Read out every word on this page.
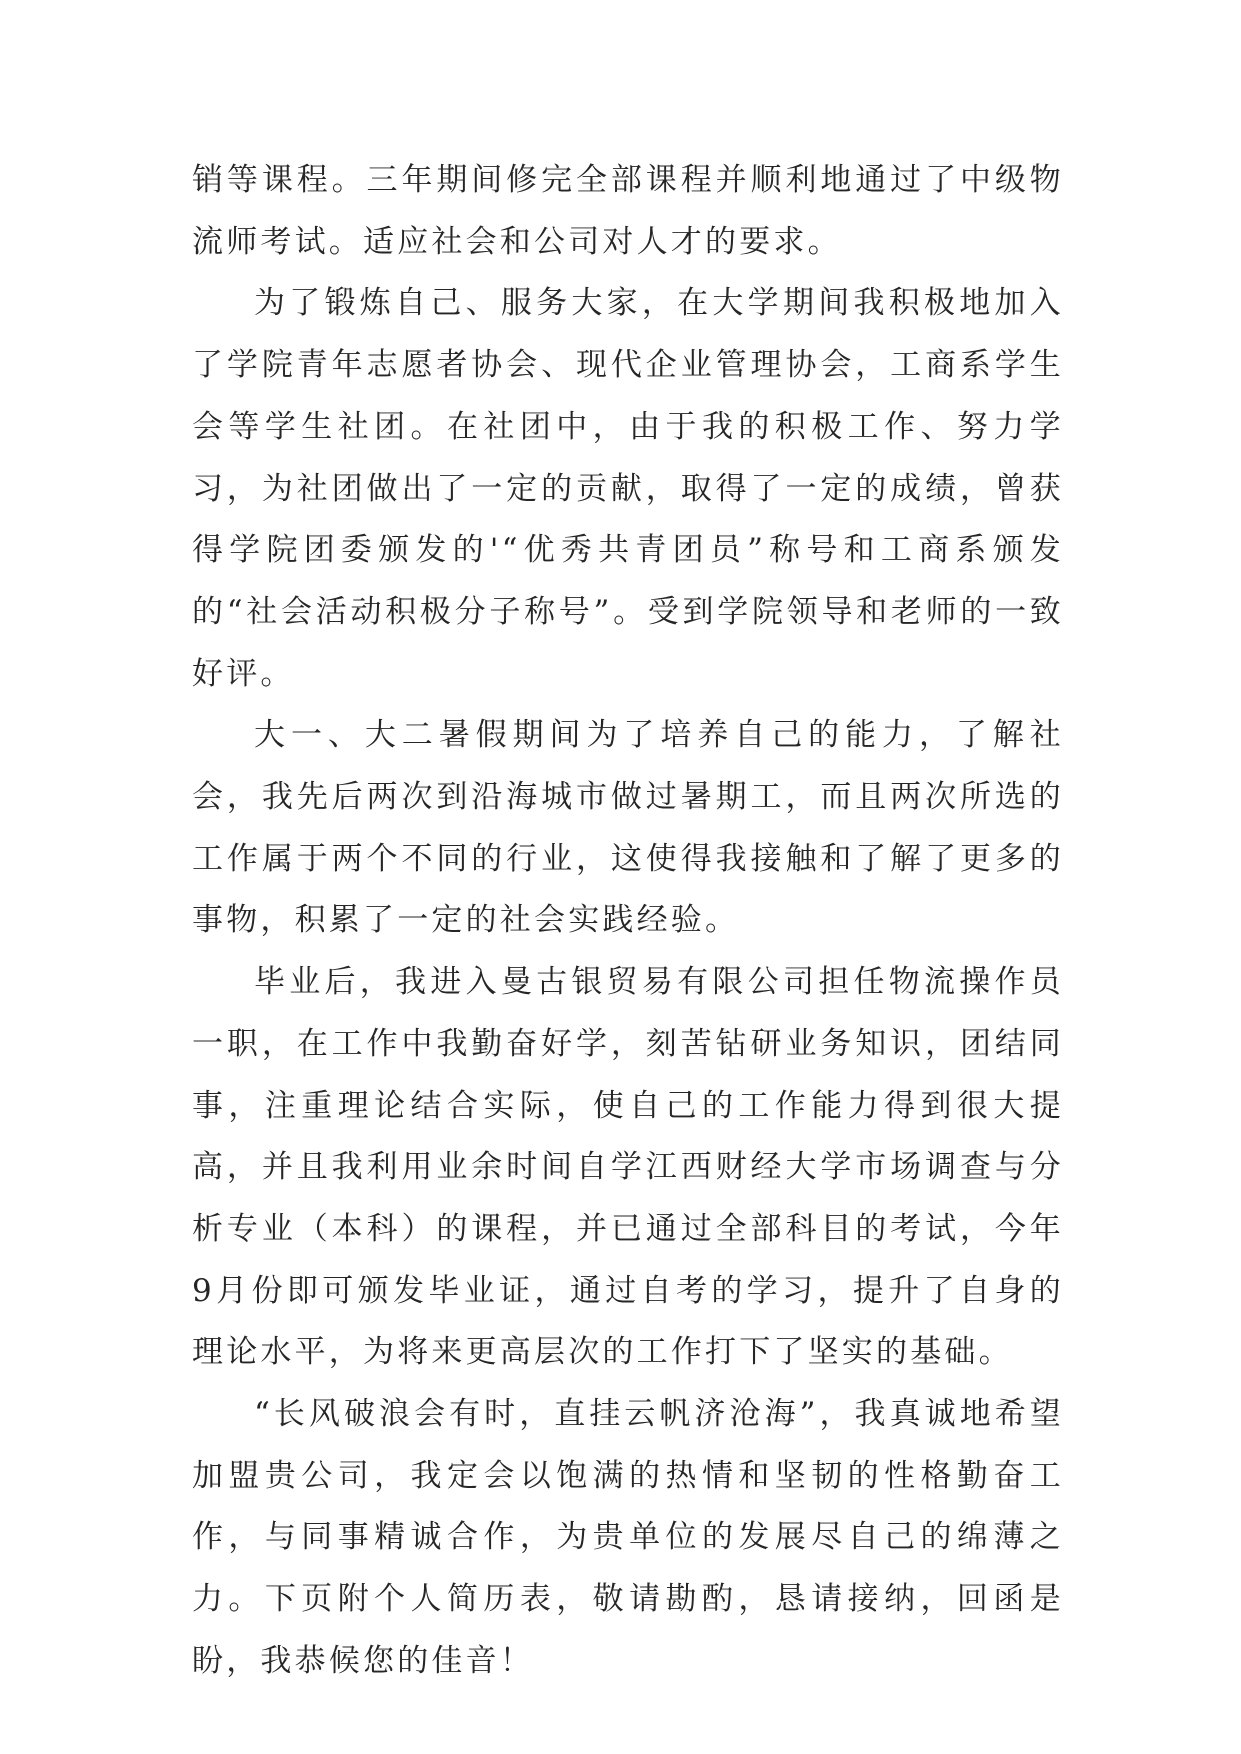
销等课程。三年期间修完全部课程并顺利地通过了中级物流师考试。适应社会和公司对人才的要求。

为了锻炼自己、服务大家，在大学期间我积极地加入了学院青年志愿者协会、现代企业管理协会，工商系学生会等学生社团。在社团中，由于我的积极工作、努力学习，为社团做出了一定的贡献，取得了一定的成绩，曾获得学院团委颁发的'“优秀共青团员”称号和工商系颁发的“社会活动积极分子称号”。受到学院领导和老师的一致好评。

大一、大二暑假期间为了培养自己的能力，了解社会，我先后两次到沿海城市做过暑期工，而且两次所选的工作属于两个不同的行业，这使得我接触和了解了更多的事物，积累了一定的社会实践经验。

毕业后，我进入曼古银贸易有限公司担任物流操作员一职，在工作中我勤奋好学，刻苦钻研业务知识，团结同事，注重理论结合实际，使自己的工作能力得到很大提高，并且我利用业余时间自学江西财经大学市场调查与分析专业（本科）的课程，并已通过全部科目的考试，今年9月份即可颁发毕业证，通过自考的学习，提升了自身的理论水平，为将来更高层次的工作打下了坚实的基础。

“长风破浪会有时，直挂云帆济沧海”，我真诚地希望加盟贵公司，我定会以饱满的热情和坚韧的性格勤奋工作，与同事精诚合作，为贵单位的发展尽自己的绵薄之力。下页附个人简历表，敬请勘酌，恳请接纳，回函是盼，我恭候您的佳音！
